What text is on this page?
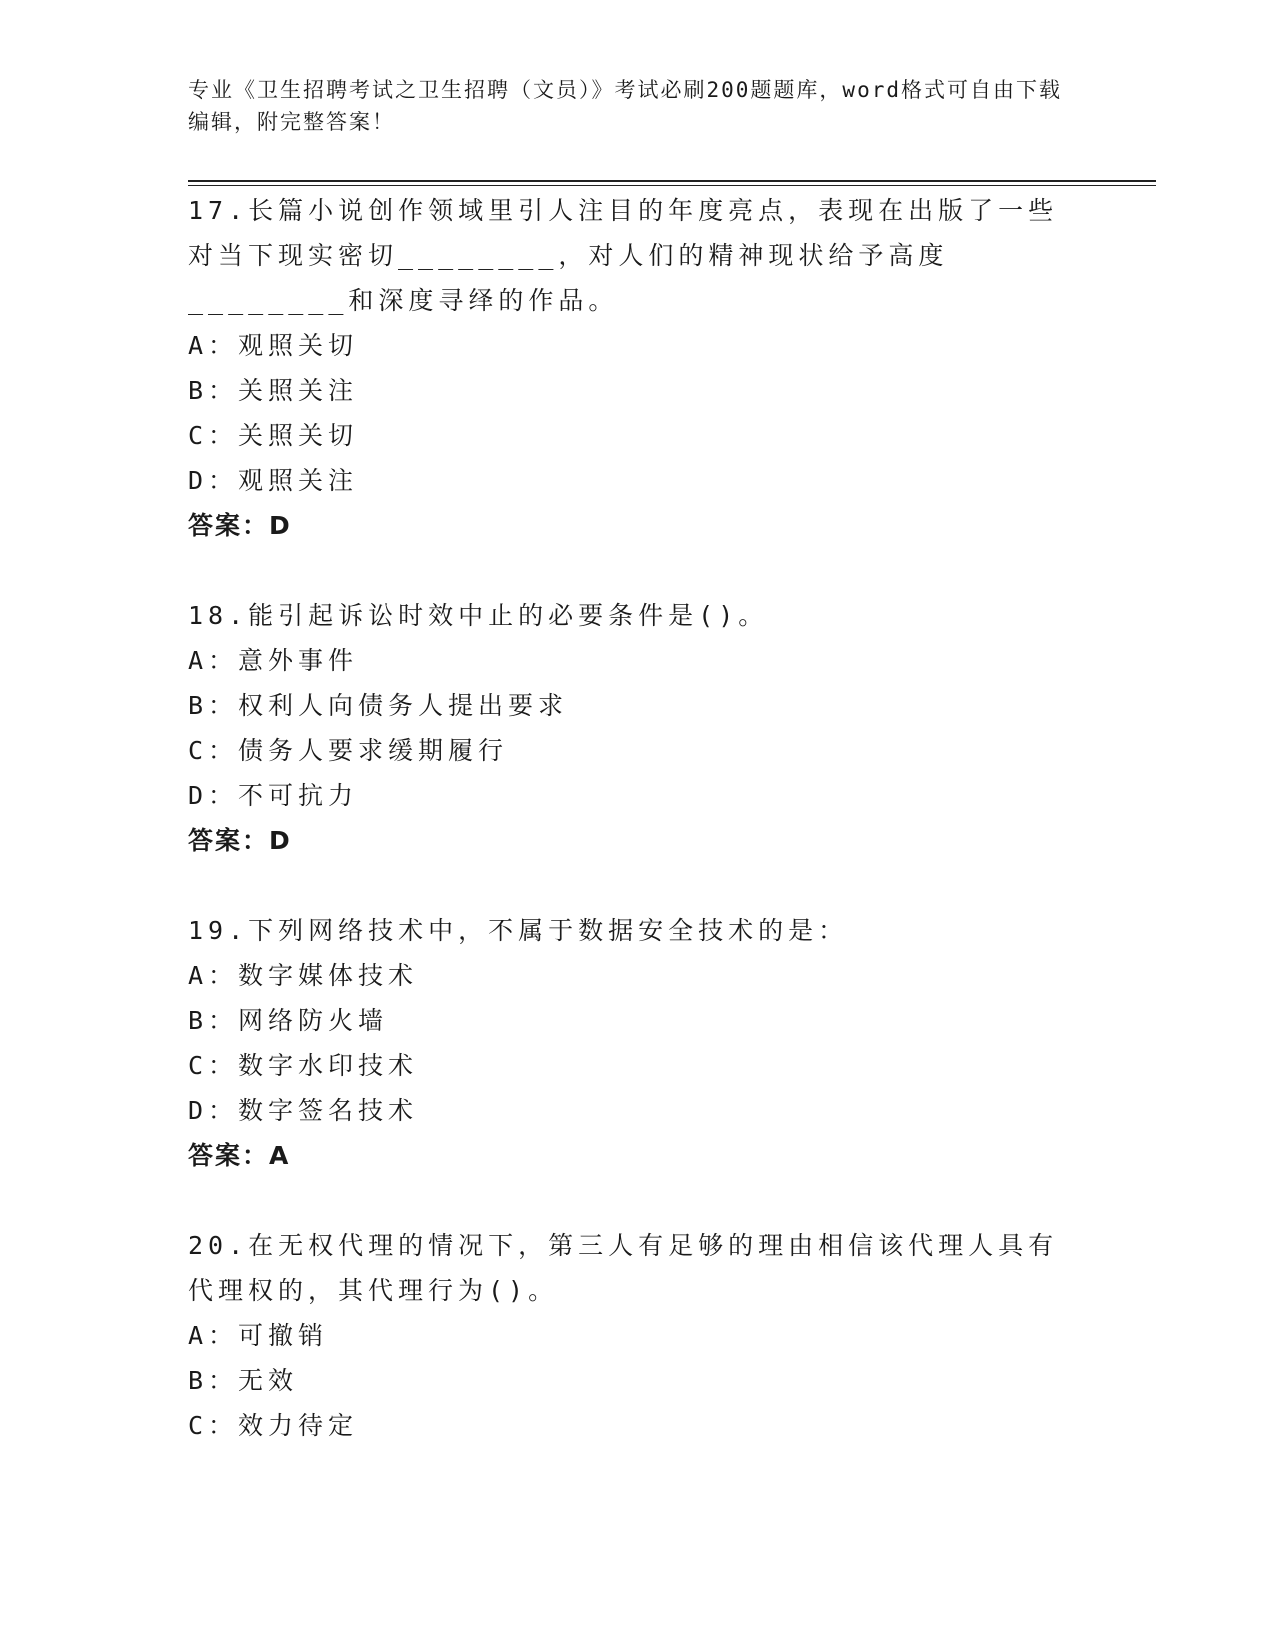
专业《卫生招聘考试之卫生招聘（文员）》考试必刷200题题库，word格式可自由下载编辑，附完整答案！

17.长篇小说创作领域里引人注目的年度亮点，表现在出版了一些对当下现实密切________，对人们的精神现状给予高度________和深度寻绎的作品。

A：观照关切

B：关照关注

C：关照关切

D：观照关注

答案：D

18.能引起诉讼时效中止的必要条件是()。

A：意外事件

B：权利人向债务人提出要求

C：债务人要求缓期履行

D：不可抗力

答案：D

19.下列网络技术中，不属于数据安全技术的是：

A：数字媒体技术

B：网络防火墙

C：数字水印技术

D：数字签名技术

答案：A

20.在无权代理的情况下，第三人有足够的理由相信该代理人具有代理权的，其代理行为()。

A：可撤销

B：无效

C：效力待定
